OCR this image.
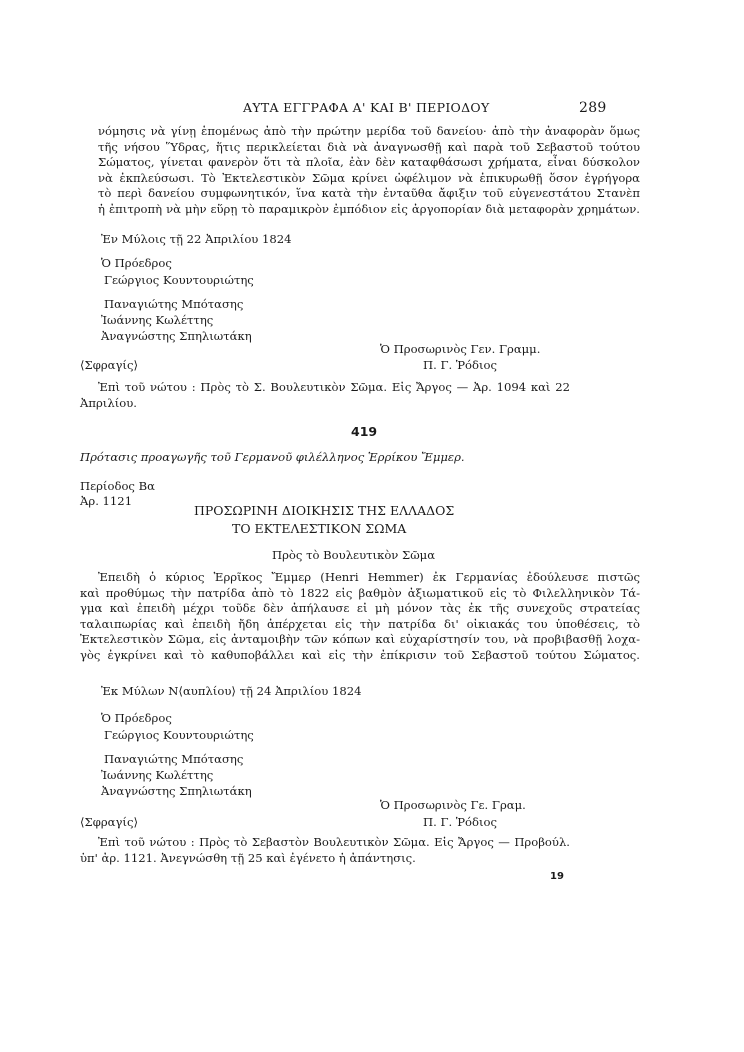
ΑΥΤΑ ΕΓΓΡΑΦΑ Α' ΚΑΙ Β' ΠΕΡΙΟΔΟΥ	289
νόμησις νὰ γίνῃ ἑπομένως ἀπὸ τὴν πρώτην μερίδα τοῦ δανείου· ἀπὸ τὴν ἀναφορὰν ὅμως
τῆς νήσου Ὕδρας, ἥτις περικλείεται διὰ νὰ ἀναγνωσθῇ καὶ παρὰ τοῦ Σεβαστοῦ τούτου
Σώματος, γίνεται φανερὸν ὅτι τὰ πλοῖα, ἐὰν δὲν καταφθάσωσι χρήματα, εἶναι δύσκολον
νὰ ἐκπλεύσωσι. Τὸ Ἐκτελεστικὸν Σῶμα κρίνει ὠφέλιμον νὰ ἐπικυρωθῇ ὅσον ἐγρήγορα
τὸ περὶ δανείου συμφωνητικόν, ἵνα κατὰ τὴν ἐνταῦθα ἄφιξιν τοῦ εὐγενεστάτου Στανὲπ
ἡ ἐπιτροπὴ νὰ μὴν εὕρῃ τὸ παραμικρὸν ἐμπόδιον εἰς ἀργοπορίαν διὰ μεταφορὰν χρημάτων.
Ἐν Μύλοις τῇ 22 Ἀπριλίου 1824
Ὁ Πρόεδρος
Γεώργιος Κουντουριώτης
Παναγιώτης Μπότασης
Ἰωάννης Κωλέττης
Ἀναγνώστης Σπηλιωτάκη
Ὁ Προσωρινὸς Γεν. Γραμμ.
⟨Σφραγίς⟩	Π. Γ. Ῥόδιος
Ἐπὶ τοῦ νώτου : Πρὸς τὸ Σ. Βουλευτικὸν Σῶμα. Εἰς Ἄργος — Ἀρ. 1094 καὶ 22
Ἀπριλίου.
419
Πρότασις προαγωγῆς τοῦ Γερμανοῦ φιλέλληνος Ἑρρίκου Ἔμμερ.
Περίοδος Βα
Ἀρ. 1121
ΠΡΟΣΩΡΙΝΗ ΔΙΟΙΚΗΣΙΣ ΤΗΣ ΕΛΛΑΔΟΣ
ΤΟ ΕΚΤΕΛΕΣΤΙΚΟΝ ΣΩΜΑ
Πρὸς τὸ Βουλευτικὸν Σῶμα
Ἐπειδὴ ὁ κύριος Ἑρρῖκος Ἔμμερ (Henri Hemmer) ἐκ Γερμανίας ἐδούλευσε πιστῶς
καὶ προθύμως τὴν πατρίδα ἀπὸ τὸ 1822 εἰς βαθμὸν ἀξιωματικοῦ εἰς τὸ Φιλελληνικὸν Τά-
γμα καὶ ἐπειδὴ μέχρι τοῦδε δὲν ἀπήλαυσε εἰ μὴ μόνον τὰς ἐκ τῆς συνεχοῦς στρατείας
ταλαιπωρίας καὶ ἐπειδὴ ἤδη ἀπέρχεται εἰς τὴν πατρίδα δι' οἰκιακάς του ὑποθέσεις, τὸ
Ἐκτελεστικὸν Σῶμα, εἰς ἀνταμοιβὴν τῶν κόπων καὶ εὐχαρίστησίν του, νὰ προβιβασθῇ λοχα-
γὸς ἐγκρίνει καὶ τὸ καθυποβάλλει καὶ εἰς τὴν ἐπίκρισιν τοῦ Σεβαστοῦ τούτου Σώματος.
Ἐκ Μύλων Ν⟨αυπλίου⟩ τῇ 24 Ἀπριλίου 1824
Ὁ Πρόεδρος
Γεώργιος Κουντουριώτης
Παναγιώτης Μπότασης
Ἰωάννης Κωλέττης
Ἀναγνώστης Σπηλιωτάκη
Ὁ Προσωρινὸς Γε. Γραμ.
⟨Σφραγίς⟩	Π. Γ. Ῥόδιος
Ἐπὶ τοῦ νώτου : Πρὸς τὸ Σεβαστὸν Βουλευτικὸν Σῶμα. Εἰς Ἄργος — Προβούλ.
ὑπ' ἀρ. 1121. Ἀνεγνώσθη τῇ 25 καὶ ἐγένετο ἡ ἀπάντησις.
19
